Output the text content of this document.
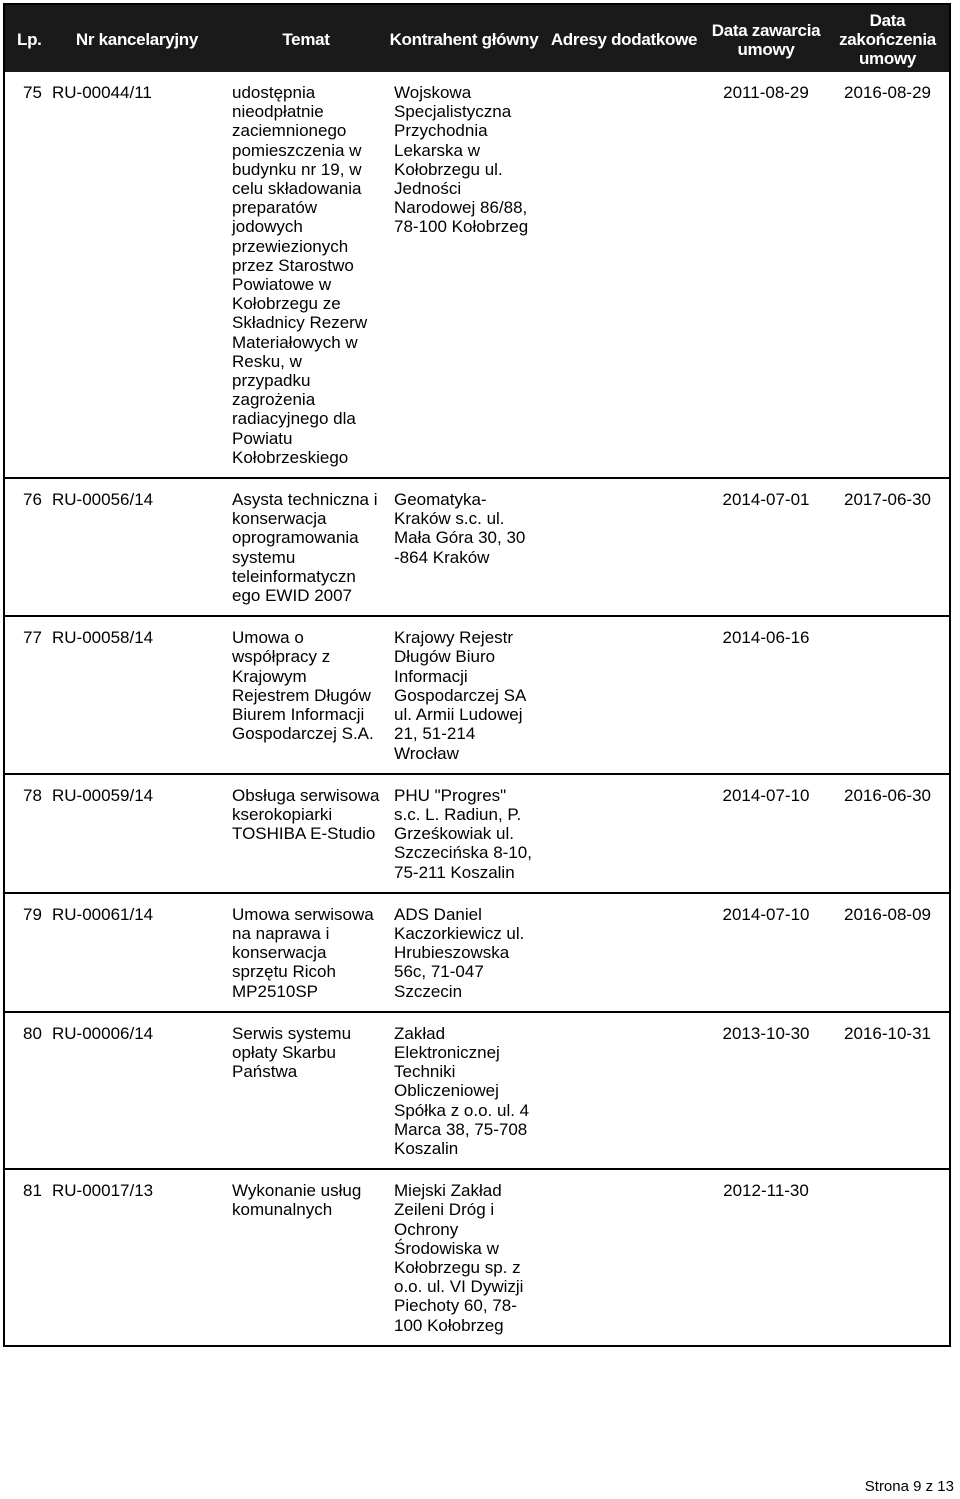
Lp.	Nr kancelaryjny	Temat	Kontrahent główny	Adresy dodatkowe	Data zawarcia umowy	Data zakończenia umowy
75	RU-00044/11	udostępnia nieodpłatnie zaciemnionego pomieszczenia w budynku nr 19, w celu składowania preparatów jodowych przewiezionych przez Starostwo Powiatowe w Kołobrzegu ze Składnicy Rezerw Materiałowych w Resku, w przypadku zagrożenia radiacyjnego dla Powiatu Kołobrzeskiego	Wojskowa Specjalistyczna Przychodnia Lekarska w Kołobrzegu ul. Jedności Narodowej 86/88, 78-100 Kołobrzeg		2011-08-29	2016-08-29
76	RU-00056/14	Asysta techniczna i konserwacja oprogramowania systemu teleinformatyczn ego EWID 2007	Geomatyka-Kraków s.c. ul. Mała Góra 30, 30 -864 Kraków		2014-07-01	2017-06-30
77	RU-00058/14	Umowa o współpracy z Krajowym Rejestrem Długów Biurem Informacji Gospodarczej S.A.	Krajowy Rejestr Długów Biuro Informacji Gospodarczej SA ul. Armii Ludowej 21, 51-214 Wrocław		2014-06-16	
78	RU-00059/14	Obsługa serwisowa kserokopiarki TOSHIBA E-Studio	PHU "Progres" s.c. L. Radiun, P. Grześkowiak ul. Szczecińska 8-10, 75-211 Koszalin		2014-07-10	2016-06-30
79	RU-00061/14	Umowa serwisowa na naprawa i konserwacja sprzętu Ricoh MP2510SP	ADS Daniel Kaczorkiewicz ul. Hrubieszowska 56c, 71-047 Szczecin		2014-07-10	2016-08-09
80	RU-00006/14	Serwis systemu opłaty Skarbu Państwa	Zakład Elektronicznej Techniki Obliczeniowej Spółka z o.o. ul. 4 Marca 38, 75-708 Koszalin		2013-10-30	2016-10-31
81	RU-00017/13	Wykonanie usług komunalnych	Miejski Zakład Zeileni Dróg i Ochrony Środowiska w Kołobrzegu sp. z o.o. ul. VI Dywizji Piechoty 60, 78-100 Kołobrzeg		2012-11-30	
Strona 9 z 13
